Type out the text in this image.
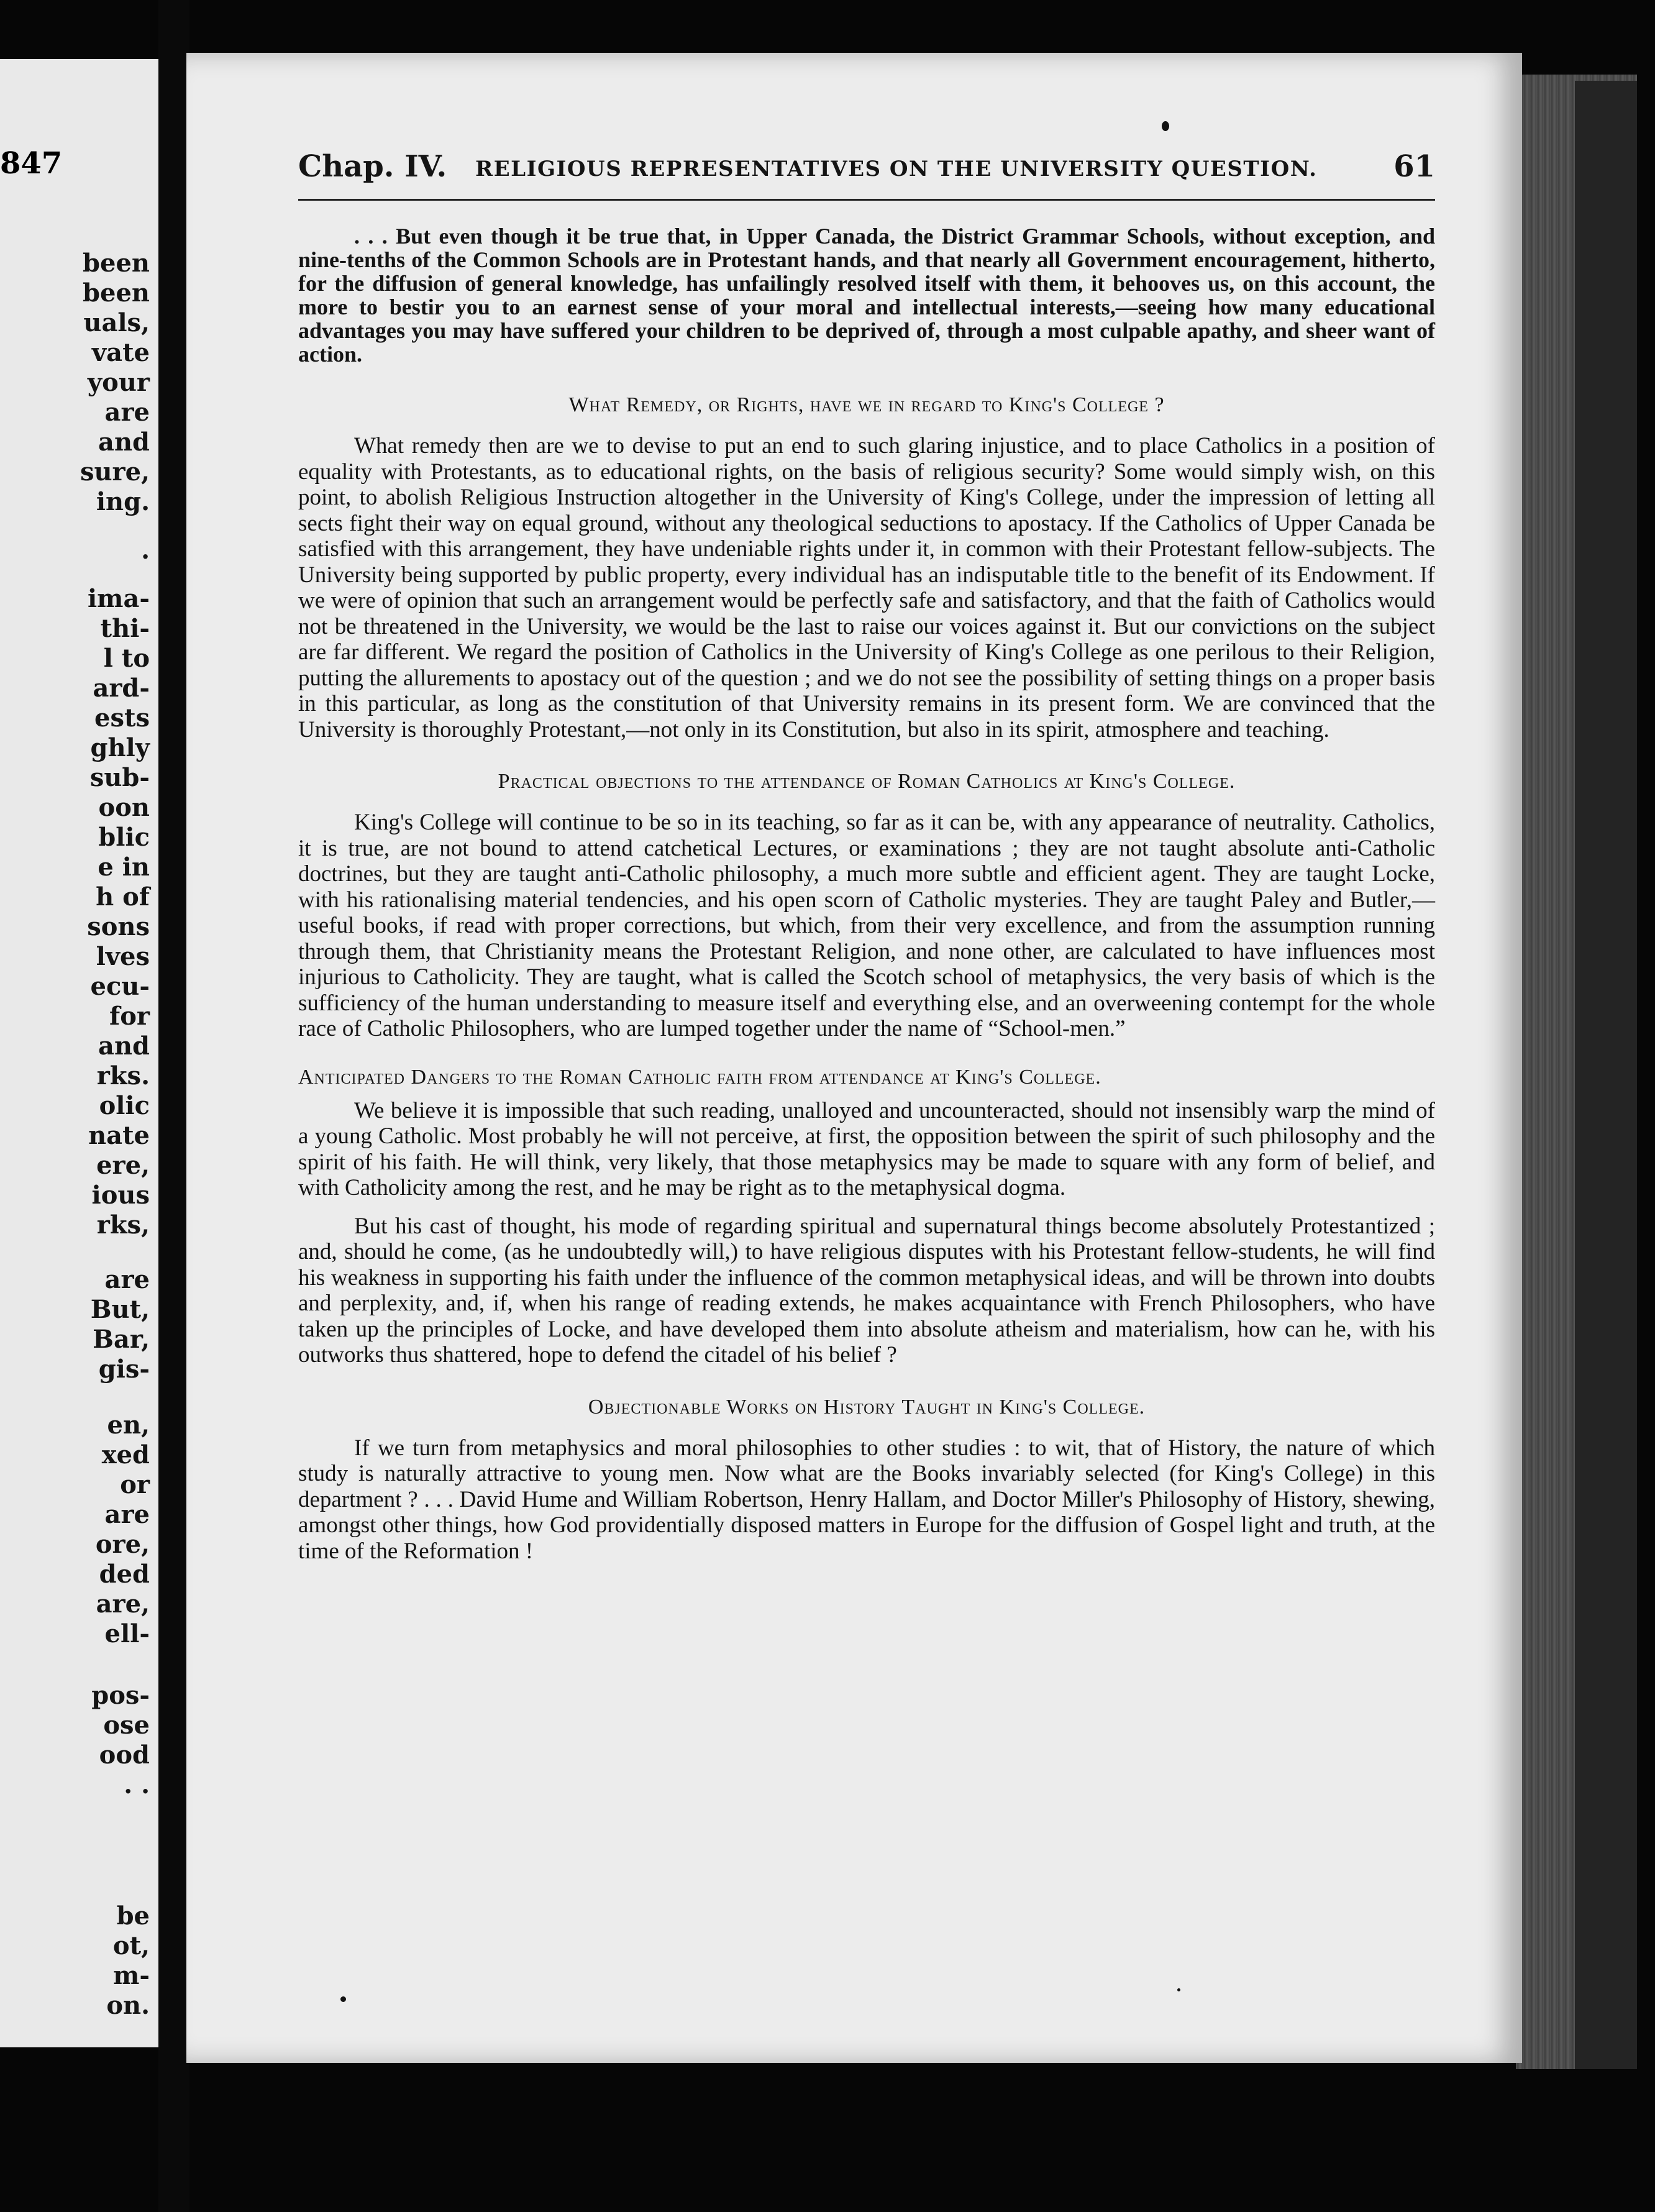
847
been
been
uals,
vate
your
are
and
sure,
ing.
.
ima-
thi-
l to
ard-
ests
ghly
sub-
oon
blic
e in
h of
sons
lves
ecu-
for
and
rks.
olic
nate
ere,
ious
rks,
are
But,
Bar,
gis-
en,
xed
or
are
ore,
ded
are,
ell-
pos-
ose
ood
. .
be
ot,
m-
on.
Chap. IV. RELIGIOUS REPRESENTATIVES ON THE UNIVERSITY QUESTION.	61

. . . But even though it be true that, in Upper Canada, the District Grammar Schools, without exception, and nine-tenths of the Common Schools are in Protestant hands, and that nearly all Government encouragement, hitherto, for the diffusion of general knowledge, has unfailingly resolved itself with them, it behooves us, on this account, the more to bestir you to an earnest sense of your moral and intellectual interests,—seeing how many educational advantages you may have suffered your children to be deprived of, through a most culpable apathy, and sheer want of action.

What Remedy, or Rights, have we in regard to King's College ?

What remedy then are we to devise to put an end to such glaring injustice, and to place Catholics in a position of equality with Protestants, as to educational rights, on the basis of religious security? Some would simply wish, on this point, to abolish Religious Instruction altogether in the University of King's College, under the impression of letting all sects fight their way on equal ground, without any theological seductions to apostacy. If the Catholics of Upper Canada be satisfied with this arrangement, they have undeniable rights under it, in common with their Protestant fellow-subjects. The University being supported by public property, every individual has an indisputable title to the benefit of its Endowment. If we were of opinion that such an arrangement would be perfectly safe and satisfactory, and that the faith of Catholics would not be threatened in the University, we would be the last to raise our voices against it. But our convictions on the subject are far different. We regard the position of Catholics in the University of King's College as one perilous to their Religion, putting the allurements to apostacy out of the question ; and we do not see the possibility of setting things on a proper basis in this particular, as long as the constitution of that University remains in its present form. We are convinced that the University is thoroughly Protestant,—not only in its Constitution, but also in its spirit, atmosphere and teaching.

Practical objections to the attendance of Roman Catholics at King's College.

King's College will continue to be so in its teaching, so far as it can be, with any appearance of neutrality. Catholics, it is true, are not bound to attend catchetical Lectures, or examinations ; they are not taught absolute anti-Catholic doctrines, but they are taught anti-Catholic philosophy, a much more subtle and efficient agent. They are taught Locke, with his rationalising material tendencies, and his open scorn of Catholic mysteries. They are taught Paley and Butler,—useful books, if read with proper corrections, but which, from their very excellence, and from the assumption running through them, that Christianity means the Protestant Religion, and none other, are calculated to have influences most injurious to Catholicity. They are taught, what is called the Scotch school of metaphysics, the very basis of which is the sufficiency of the human understanding to measure itself and everything else, and an overweening contempt for the whole race of Catholic Philosophers, who are lumped together under the name of “School-men.”

Anticipated Dangers to the Roman Catholic faith from attendance at King's College.

We believe it is impossible that such reading, unalloyed and uncounteracted, should not insensibly warp the mind of a young Catholic. Most probably he will not perceive, at first, the opposition between the spirit of such philosophy and the spirit of his faith. He will think, very likely, that those metaphysics may be made to square with any form of belief, and with Catholicity among the rest, and he may be right as to the metaphysical dogma.

But his cast of thought, his mode of regarding spiritual and supernatural things become absolutely Protestantized ; and, should he come, (as he undoubtedly will,) to have religious disputes with his Protestant fellow-students, he will find his weakness in supporting his faith under the influence of the common metaphysical ideas, and will be thrown into doubts and perplexity, and, if, when his range of reading extends, he makes acquaintance with French Philosophers, who have taken up the principles of Locke, and have developed them into absolute atheism and materialism, how can he, with his outworks thus shattered, hope to defend the citadel of his belief ?

Objectionable Works on History Taught in King's College.

If we turn from metaphysics and moral philosophies to other studies : to wit, that of History, the nature of which study is naturally attractive to young men. Now what are the Books invariably selected (for King's College) in this department ? . . . David Hume and William Robertson, Henry Hallam, and Doctor Miller's Philosophy of History, shewing, amongst other things, how God providentially disposed matters in Europe for the diffusion of Gospel light and truth, at the time of the Reformation !
